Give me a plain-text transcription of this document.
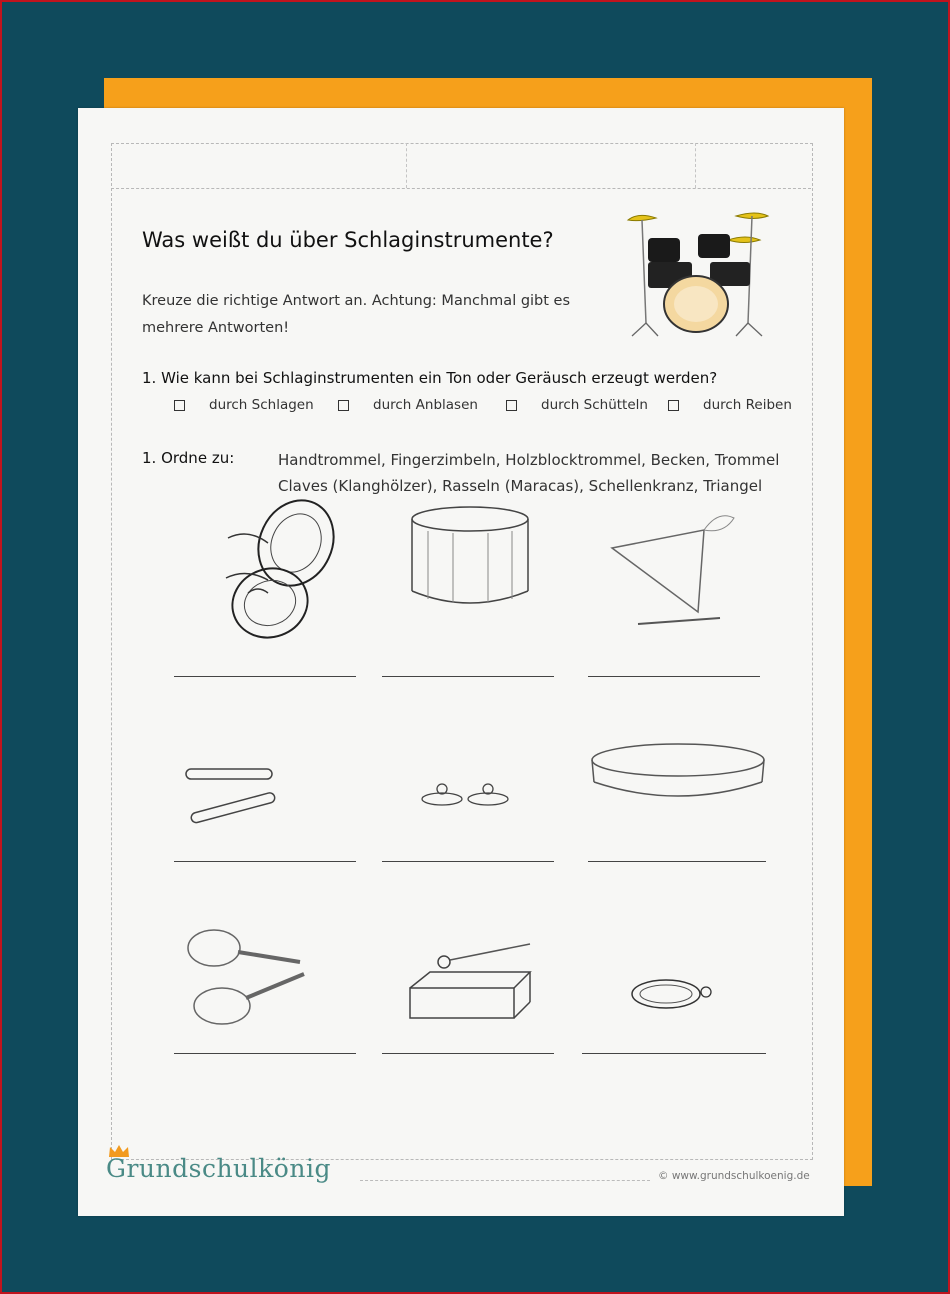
Was weißt du über Schlaginstrumente?
Kreuze die richtige Antwort an. Achtung: Manchmal gibt es
mehrere Antworten!
1. Wie kann bei Schlaginstrumenten ein Ton oder Geräusch erzeugt werden?
durch Schlagen	durch Anblasen	durch Schütteln	durch Reiben
1. Ordne zu:	Handtrommel, Fingerzimbeln, Holzblocktrommel, Becken, Trommel
Claves (Klanghölzer), Rasseln (Maracas), Schellenkranz, Triangel
Grundschulkönig	© www.grundschulkoenig.de
